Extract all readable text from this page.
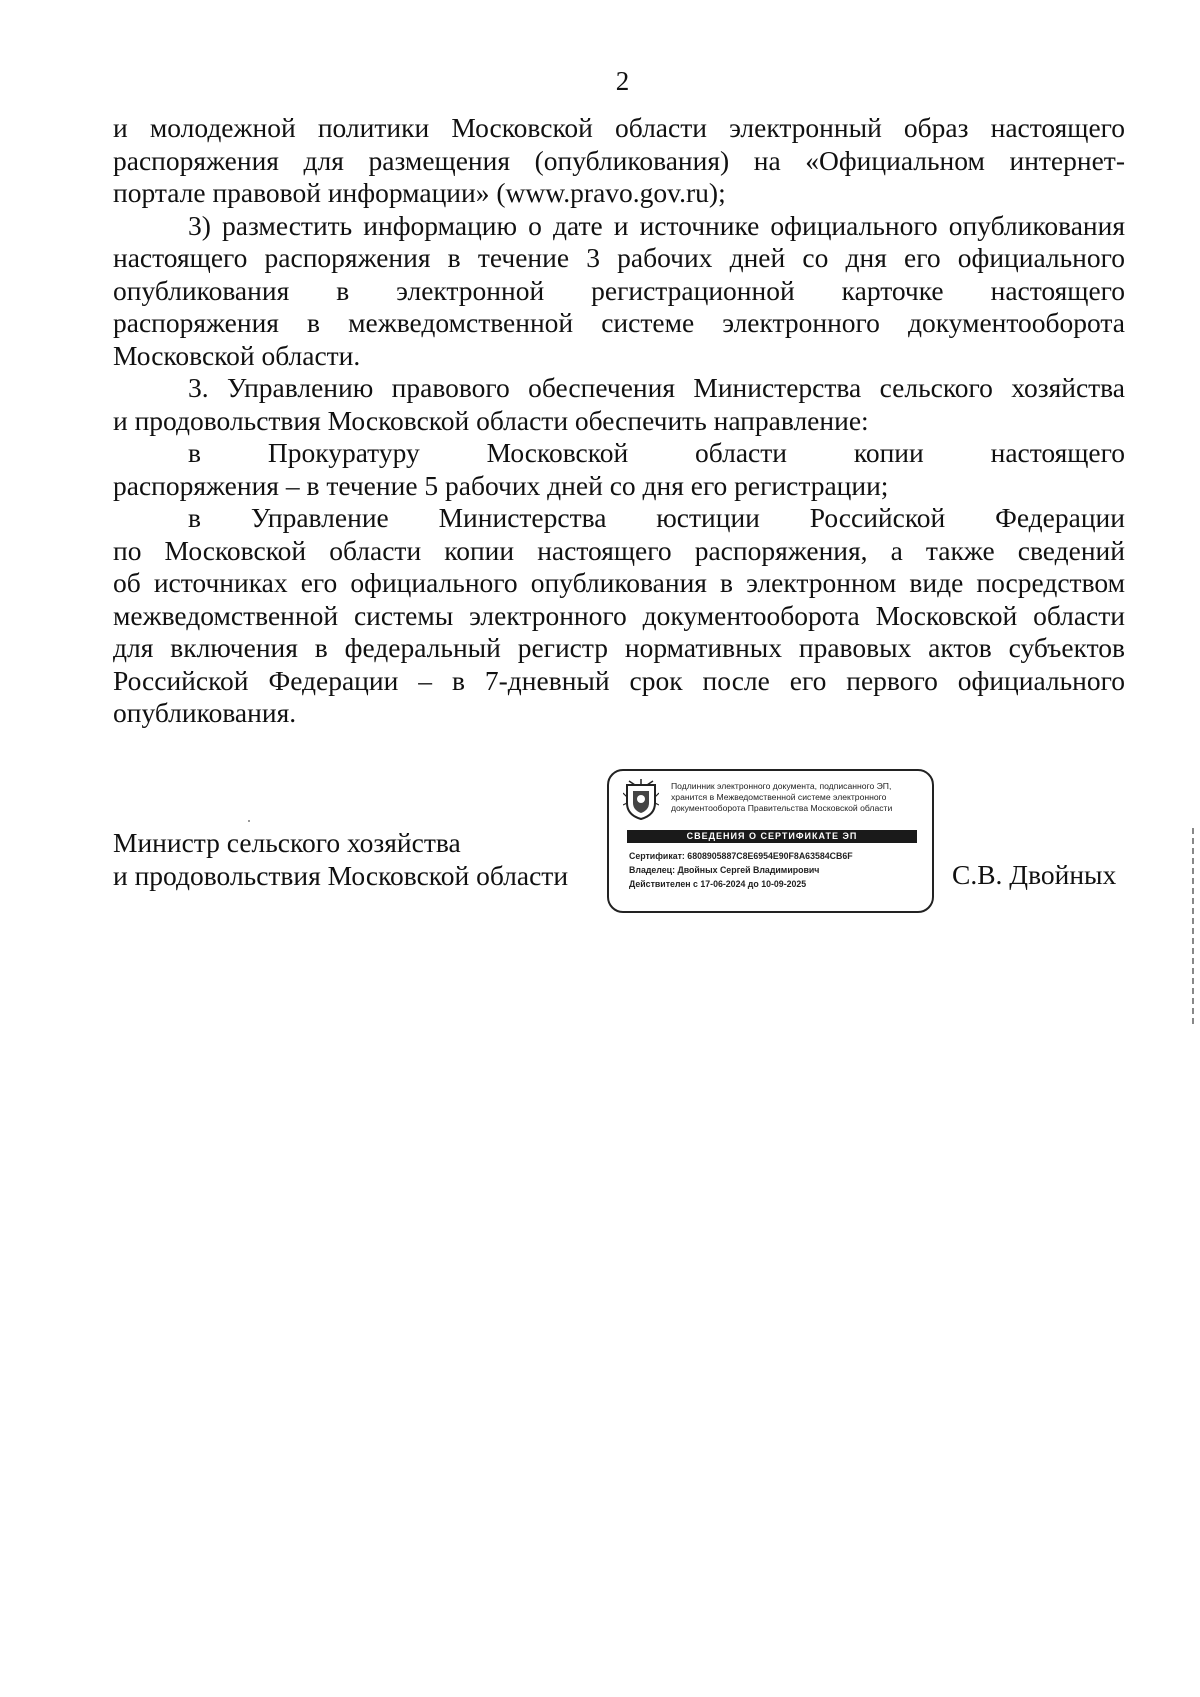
2

и молодежной политики Московской области электронный образ настоящего
распоряжения для размещения (опубликования) на «Официальном интернет-
портале правовой информации» (www.pravo.gov.ru);

3) разместить информацию о дате и источнике официального опубликования
настоящего распоряжения в течение 3 рабочих дней со дня его официального
опубликования в электронной регистрационной карточке настоящего
распоряжения в межведомственной системе электронного документооборота
Московской области.

3. Управлению правового обеспечения Министерства сельского хозяйства
и продовольствия Московской области обеспечить направление:

в Прокуратуру Московской области копии настоящего
распоряжения – в течение 5 рабочих дней со дня его регистрации;

в Управление Министерства юстиции Российской Федерации
по Московской области копии настоящего распоряжения, а также сведений
об источниках его официального опубликования в электронном виде посредством
межведомственной системы электронного документооборота Московской области
для включения в федеральный регистр нормативных правовых актов субъектов
Российской Федерации – в 7-дневный срок после его первого официального
опубликования.

Министр сельского хозяйства
и продовольствия Московской области
Подлинник электронного документа, подписанного ЭП,
хранится в Межведомственной системе электронного
документооборота Правительства Московской области
СВЕДЕНИЯ О СЕРТИФИКАТЕ ЭП
Сертификат: 6808905887C8E6954E90F8A63584CB6F
Владелец: Двойных Сергей Владимирович
Действителен с 17-06-2024 до 10-09-2025	С.В. Двойных
